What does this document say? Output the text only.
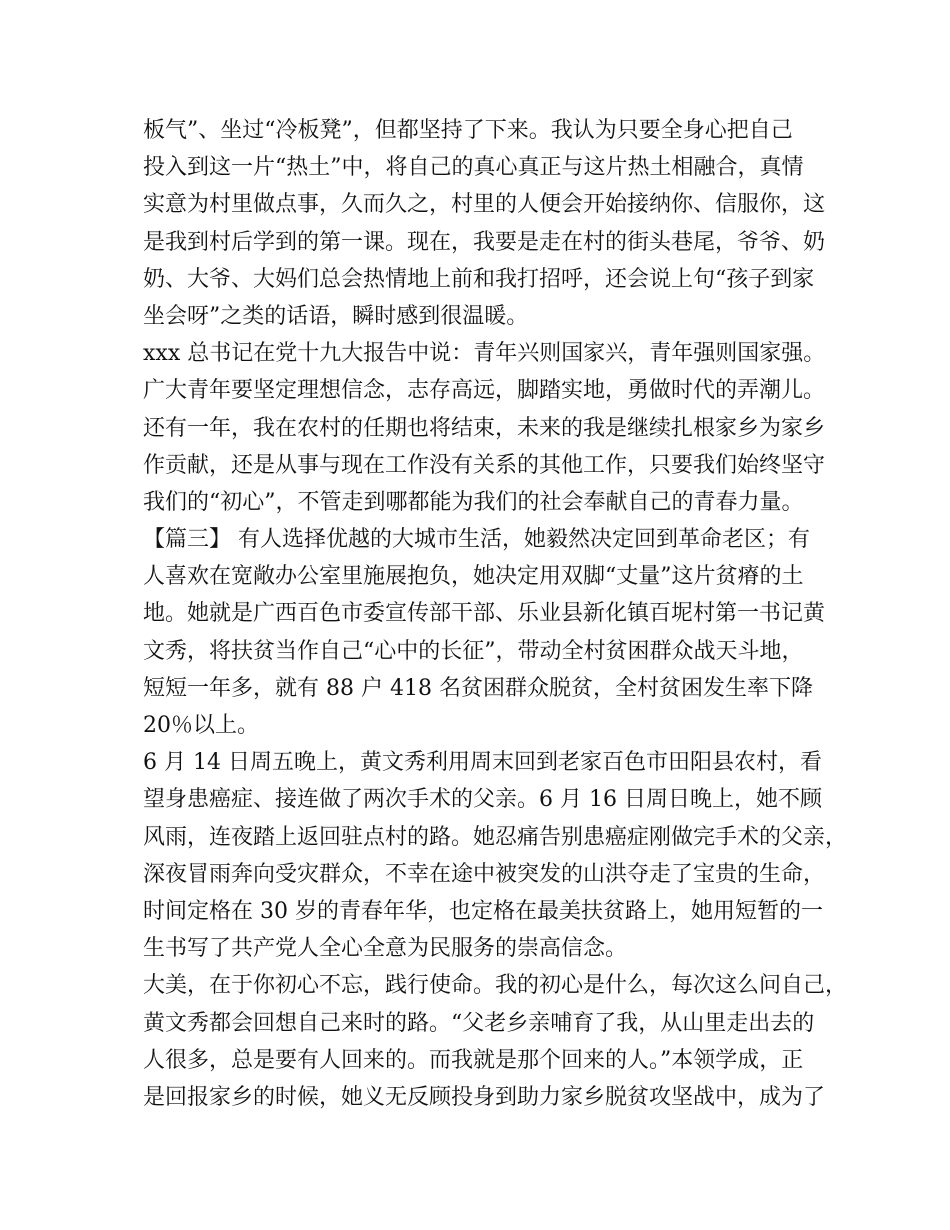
板气”、坐过“冷板凳”，但都坚持了下来。我认为只要全身心把自己
投入到这一片“热土”中，将自己的真心真正与这片热土相融合，真情
实意为村里做点事，久而久之，村里的人便会开始接纳你、信服你，这
是我到村后学到的第一课。现在，我要是走在村的街头巷尾，爷爷、奶
奶、大爷、大妈们总会热情地上前和我打招呼，还会说上句“孩子到家
坐会呀”之类的话语，瞬时感到很温暖。
xxx 总书记在党十九大报告中说：青年兴则国家兴，青年强则国家强。
广大青年要坚定理想信念，志存高远，脚踏实地，勇做时代的弄潮儿。
还有一年，我在农村的任期也将结束，未来的我是继续扎根家乡为家乡
作贡献，还是从事与现在工作没有关系的其他工作，只要我们始终坚守
我们的“初心”，不管走到哪都能为我们的社会奉献自己的青春力量。
【篇三】 有人选择优越的大城市生活，她毅然决定回到革命老区；有
人喜欢在宽敞办公室里施展抱负，她决定用双脚“丈量”这片贫瘠的土
地。她就是广西百色市委宣传部干部、乐业县新化镇百坭村第一书记黄
文秀，将扶贫当作自己“心中的长征”，带动全村贫困群众战天斗地，
短短一年多，就有 88 户 418 名贫困群众脱贫，全村贫困发生率下降
20％以上。
6 月 14 日周五晚上，黄文秀利用周末回到老家百色市田阳县农村，看
望身患癌症、接连做了两次手术的父亲。6 月 16 日周日晚上，她不顾
风雨，连夜踏上返回驻点村的路。她忍痛告别患癌症刚做完手术的父亲，
深夜冒雨奔向受灾群众，不幸在途中被突发的山洪夺走了宝贵的生命，
时间定格在 30 岁的青春年华，也定格在最美扶贫路上，她用短暂的一
生书写了共产党人全心全意为民服务的崇高信念。
大美，在于你初心不忘，践行使命。我的初心是什么，每次这么问自己，
黄文秀都会回想自己来时的路。“父老乡亲哺育了我，从山里走出去的
人很多，总是要有人回来的。而我就是那个回来的人。”本领学成，正
是回报家乡的时候，她义无反顾投身到助力家乡脱贫攻坚战中，成为了
